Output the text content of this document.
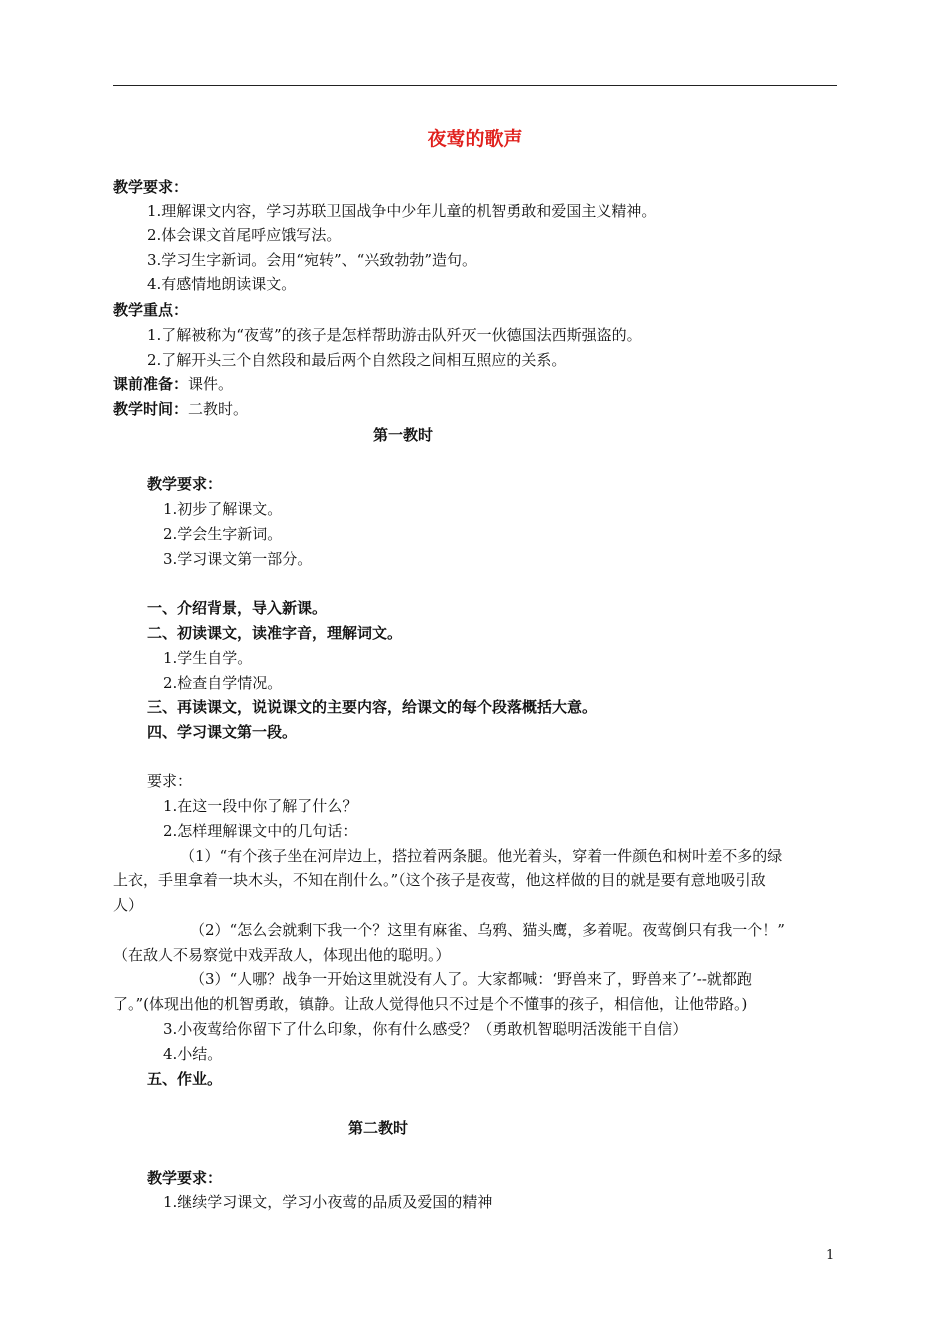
夜莺的歌声
教学要求：
1.理解课文内容，学习苏联卫国战争中少年儿童的机智勇敢和爱国主义精神。
2.体会课文首尾呼应饿写法。
3.学习生字新词。会用“宛转”、“兴致勃勃”造句。
4.有感情地朗读课文。
教学重点：
1.了解被称为“夜莺”的孩子是怎样帮助游击队歼灭一伙德国法西斯强盗的。
2.了解开头三个自然段和最后两个自然段之间相互照应的关系。
课前准备：课件。
教学时间：二教时。
第一教时
教学要求：
1.初步了解课文。
2.学会生字新词。
3.学习课文第一部分。
一、介绍背景，导入新课。
二、初读课文，读准字音，理解词文。
1.学生自学。
2.检查自学情况。
三、再读课文，说说课文的主要内容，给课文的每个段落概括大意。
四、学习课文第一段。
要求：
1.在这一段中你了解了什么？
2.怎样理解课文中的几句话：
（1）“有个孩子坐在河岸边上，搭拉着两条腿。他光着头，穿着一件颜色和树叶差不多的绿
上衣，手里拿着一块木头，不知在削什么。”（这个孩子是夜莺，他这样做的目的就是要有意地吸引敌
人）
（2）“怎么会就剩下我一个？这里有麻雀、乌鸦、猫头鹰，多着呢。夜莺倒只有我一个！”
（在敌人不易察觉中戏弄敌人，体现出他的聪明。）
（3）“人哪？战争一开始这里就没有人了。大家都喊：‘野兽来了，野兽来了’--就都跑
了。”(体现出他的机智勇敢，镇静。让敌人觉得他只不过是个不懂事的孩子，相信他，让他带路。)
3.小夜莺给你留下了什么印象，你有什么感受？（勇敢机智聪明活泼能干自信）
4.小结。
五、作业。
第二教时
教学要求：
1.继续学习课文，学习小夜莺的品质及爱国的精神
1
